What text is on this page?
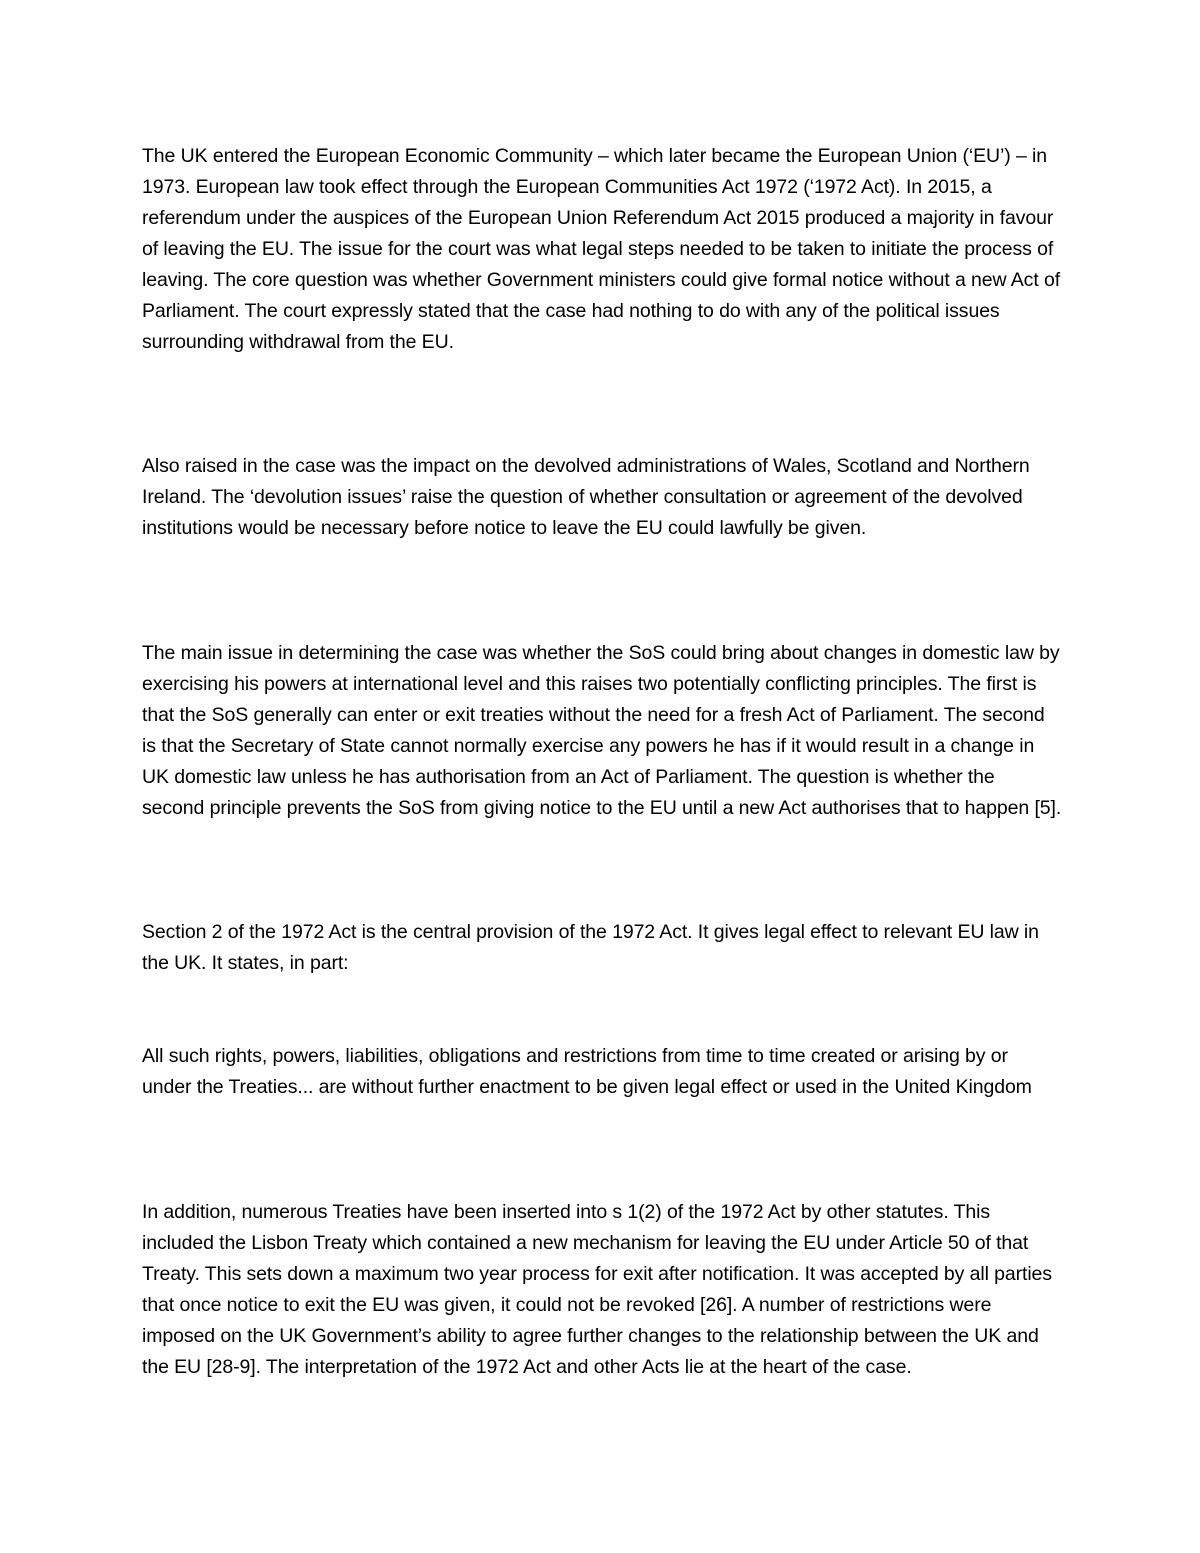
The UK entered the European Economic Community – which later became the European Union (‘EU’) – in 1973. European law took effect through the European Communities Act 1972 (‘1972 Act). In 2015, a referendum under the auspices of the European Union Referendum Act 2015 produced a majority in favour of leaving the EU. The issue for the court was what legal steps needed to be taken to initiate the process of leaving. The core question was whether Government ministers could give formal notice without a new Act of Parliament. The court expressly stated that the case had nothing to do with any of the political issues surrounding withdrawal from the EU.

Also raised in the case was the impact on the devolved administrations of Wales, Scotland and Northern Ireland. The ‘devolution issues’ raise the question of whether consultation or agreement of the devolved institutions would be necessary before notice to leave the EU could lawfully be given.

The main issue in determining the case was whether the SoS could bring about changes in domestic law by exercising his powers at international level and this raises two potentially conflicting principles. The first is that the SoS generally can enter or exit treaties without the need for a fresh Act of Parliament. The second is that the Secretary of State cannot normally exercise any powers he has if it would result in a change in UK domestic law unless he has authorisation from an Act of Parliament. The question is whether the second principle prevents the SoS from giving notice to the EU until a new Act authorises that to happen [5].

Section 2 of the 1972 Act is the central provision of the 1972 Act. It gives legal effect to relevant EU law in the UK. It states, in part:

All such rights, powers, liabilities, obligations and restrictions from time to time created or arising by or under the Treaties... are without further enactment to be given legal effect or used in the United Kingdom

In addition, numerous Treaties have been inserted into s 1(2) of the 1972 Act by other statutes. This included the Lisbon Treaty which contained a new mechanism for leaving the EU under Article 50 of that Treaty. This sets down a maximum two year process for exit after notification. It was accepted by all parties that once notice to exit the EU was given, it could not be revoked [26]. A number of restrictions were imposed on the UK Government’s ability to agree further changes to the relationship between the UK and the EU [28-9]. The interpretation of the 1972 Act and other Acts lie at the heart of the case.
